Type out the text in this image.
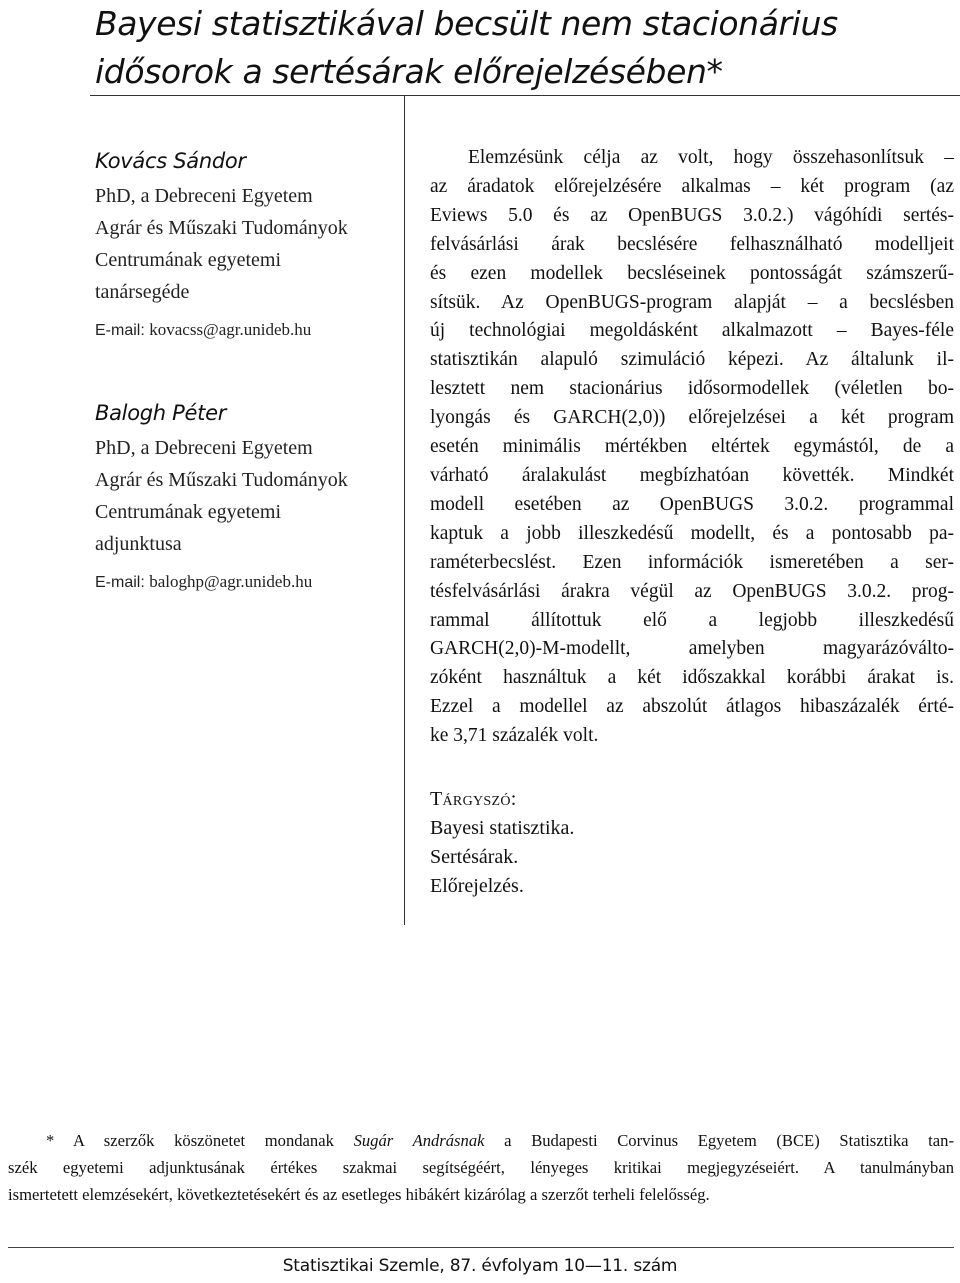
Bayesi statisztikával becsült nem stacionárius
idősorok a sertésárak előrejelzésében*
Kovács Sándor
PhD, a Debreceni Egyetem
Agrár és Műszaki Tudományok
Centrumának egyetemi
tanársegéde
E-mail: kovacss@agr.unideb.hu
Balogh Péter
PhD, a Debreceni Egyetem
Agrár és Műszaki Tudományok
Centrumának egyetemi
adjunktusa
E-mail: baloghp@agr.unideb.hu
Elemzésünk célja az volt, hogy összehasonlítsuk –
az áradatok előrejelzésére alkalmas – két program (az
Eviews 5.0 és az OpenBUGS 3.0.2.) vágóhídi sertés-
felvásárlási árak becslésére felhasználható modelljeit
és ezen modellek becsléseinek pontosságát számszerű-
sítsük. Az OpenBUGS-program alapját – a becslésben
új technológiai megoldásként alkalmazott – Bayes-féle
statisztikán alapuló szimuláció képezi. Az általunk il-
lesztett nem stacionárius idősormodellek (véletlen bo-
lyongás és GARCH(2,0)) előrejelzései a két program
esetén minimális mértékben eltértek egymástól, de a
várható áralakulást megbízhatóan követték. Mindkét
modell esetében az OpenBUGS 3.0.2. programmal
kaptuk a jobb illeszkedésű modellt, és a pontosabb pa-
raméterbecslést. Ezen információk ismeretében a ser-
tésfelvásárlási árakra végül az OpenBUGS 3.0.2. prog-
rammal állítottuk elő a legjobb illeszkedésű
GARCH(2,0)-M-modellt, amelyben magyarázóválto-
zóként használtuk a két időszakkal korábbi árakat is.
Ezzel a modellel az abszolút átlagos hibaszázalék érté-
ke 3,71 százalék volt.
Tárgyszó:
Bayesi statisztika.
Sertésárak.
Előrejelzés.
* A szerzők köszönetet mondanak Sugár Andrásnak a Budapesti Corvinus Egyetem (BCE) Statisztika tan-
szék egyetemi adjunktusának értékes szakmai segítségéért, lényeges kritikai megjegyzéseiért. A tanulmányban
ismertetett elemzésekért, következtetésekért és az esetleges hibákért kizárólag a szerzőt terheli felelősség.
Statisztikai Szemle, 87. évfolyam 10—11. szám
